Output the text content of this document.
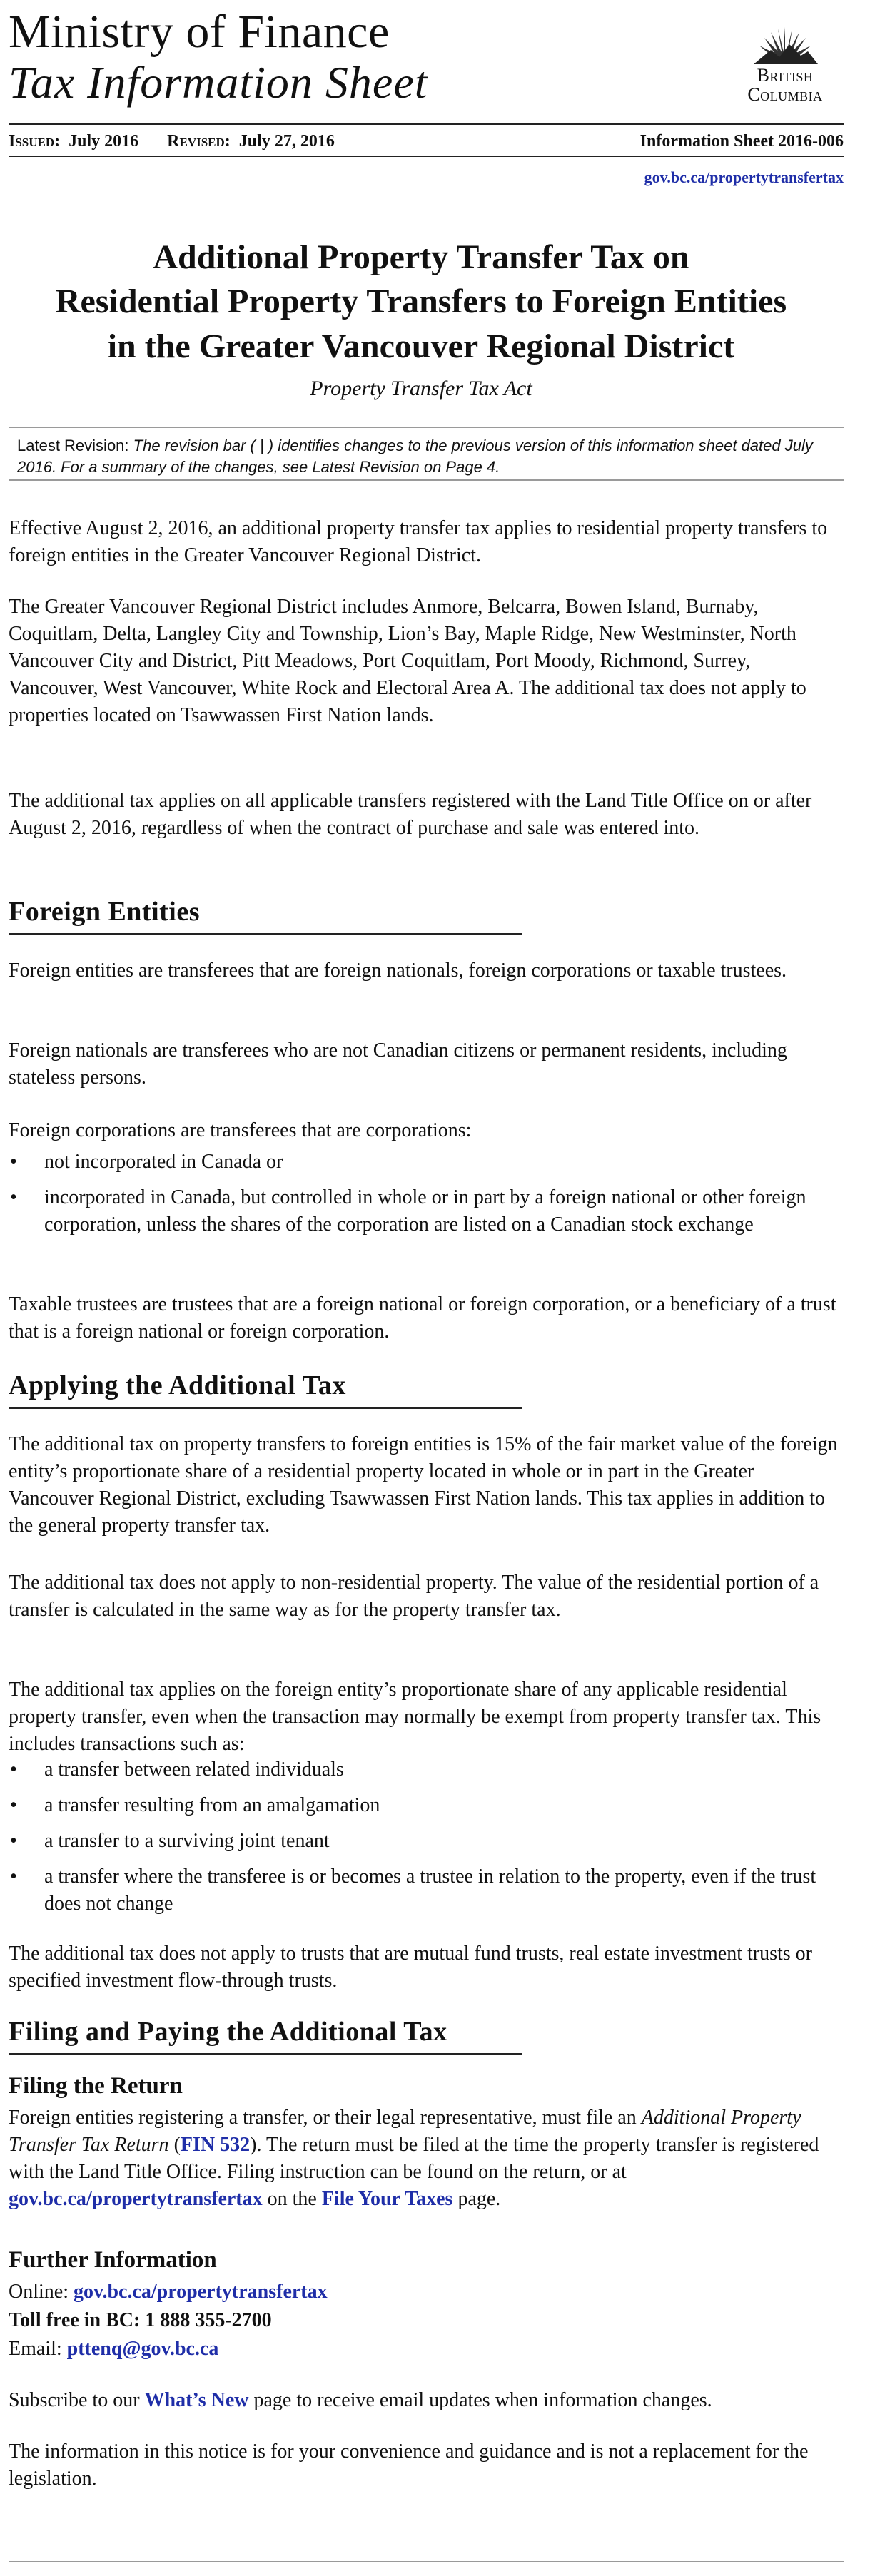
Ministry of Finance
Tax Information Sheet	British
Columbia
Issued: July 2016 Revised: July 27, 2016	Information Sheet 2016-006
gov.bc.ca/propertytransfertax
Additional Property Transfer Tax on
Residential Property Transfers to Foreign Entities
in the Greater Vancouver Regional District
Property Transfer Tax Act
Latest Revision: The revision bar ( | ) identifies changes to the previous version of this information sheet dated July 2016. For a summary of the changes, see Latest Revision on Page 4.

Effective August 2, 2016, an additional property transfer tax applies to residential property transfers to foreign entities in the Greater Vancouver Regional District.

The Greater Vancouver Regional District includes Anmore, Belcarra, Bowen Island, Burnaby, Coquitlam, Delta, Langley City and Township, Lion’s Bay, Maple Ridge, New Westminster, North Vancouver City and District, Pitt Meadows, Port Coquitlam, Port Moody, Richmond, Surrey, Vancouver, West Vancouver, White Rock and Electoral Area A. The additional tax does not apply to properties located on Tsawwassen First Nation lands.

The additional tax applies on all applicable transfers registered with the Land Title Office on or after August 2, 2016, regardless of when the contract of purchase and sale was entered into.

Foreign Entities

Foreign entities are transferees that are foreign nationals, foreign corporations or taxable trustees.

Foreign nationals are transferees who are not Canadian citizens or permanent residents, including stateless persons.

Foreign corporations are transferees that are corporations:

• not incorporated in Canada or
• incorporated in Canada, but controlled in whole or in part by a foreign national or other foreign corporation, unless the shares of the corporation are listed on a Canadian stock exchange

Taxable trustees are trustees that are a foreign national or foreign corporation, or a beneficiary of a trust that is a foreign national or foreign corporation.

Applying the Additional Tax

The additional tax on property transfers to foreign entities is 15% of the fair market value of the foreign entity’s proportionate share of a residential property located in whole or in part in the Greater Vancouver Regional District, excluding Tsawwassen First Nation lands. This tax applies in addition to the general property transfer tax.

The additional tax does not apply to non-residential property. The value of the residential portion of a transfer is calculated in the same way as for the property transfer tax.

The additional tax applies on the foreign entity’s proportionate share of any applicable residential property transfer, even when the transaction may normally be exempt from property transfer tax. This includes transactions such as:

• a transfer between related individuals
• a transfer resulting from an amalgamation
• a transfer to a surviving joint tenant
• a transfer where the transferee is or becomes a trustee in relation to the property, even if the trust does not change

The additional tax does not apply to trusts that are mutual fund trusts, real estate investment trusts or specified investment flow-through trusts.

Filing and Paying the Additional Tax
Filing the Return

Foreign entities registering a transfer, or their legal representative, must file an Additional Property Transfer Tax Return (FIN 532). The return must be filed at the time the property transfer is registered with the Land Title Office. Filing instruction can be found on the return, or at gov.bc.ca/propertytransfertax on the File Your Taxes page.

Further Information

Online: gov.bc.ca/propertytransfertax

Toll free in BC: 1 888 355-2700

Email: pttenq@gov.bc.ca

Subscribe to our What’s New page to receive email updates when information changes.

The information in this notice is for your convenience and guidance and is not a replacement for the legislation.
